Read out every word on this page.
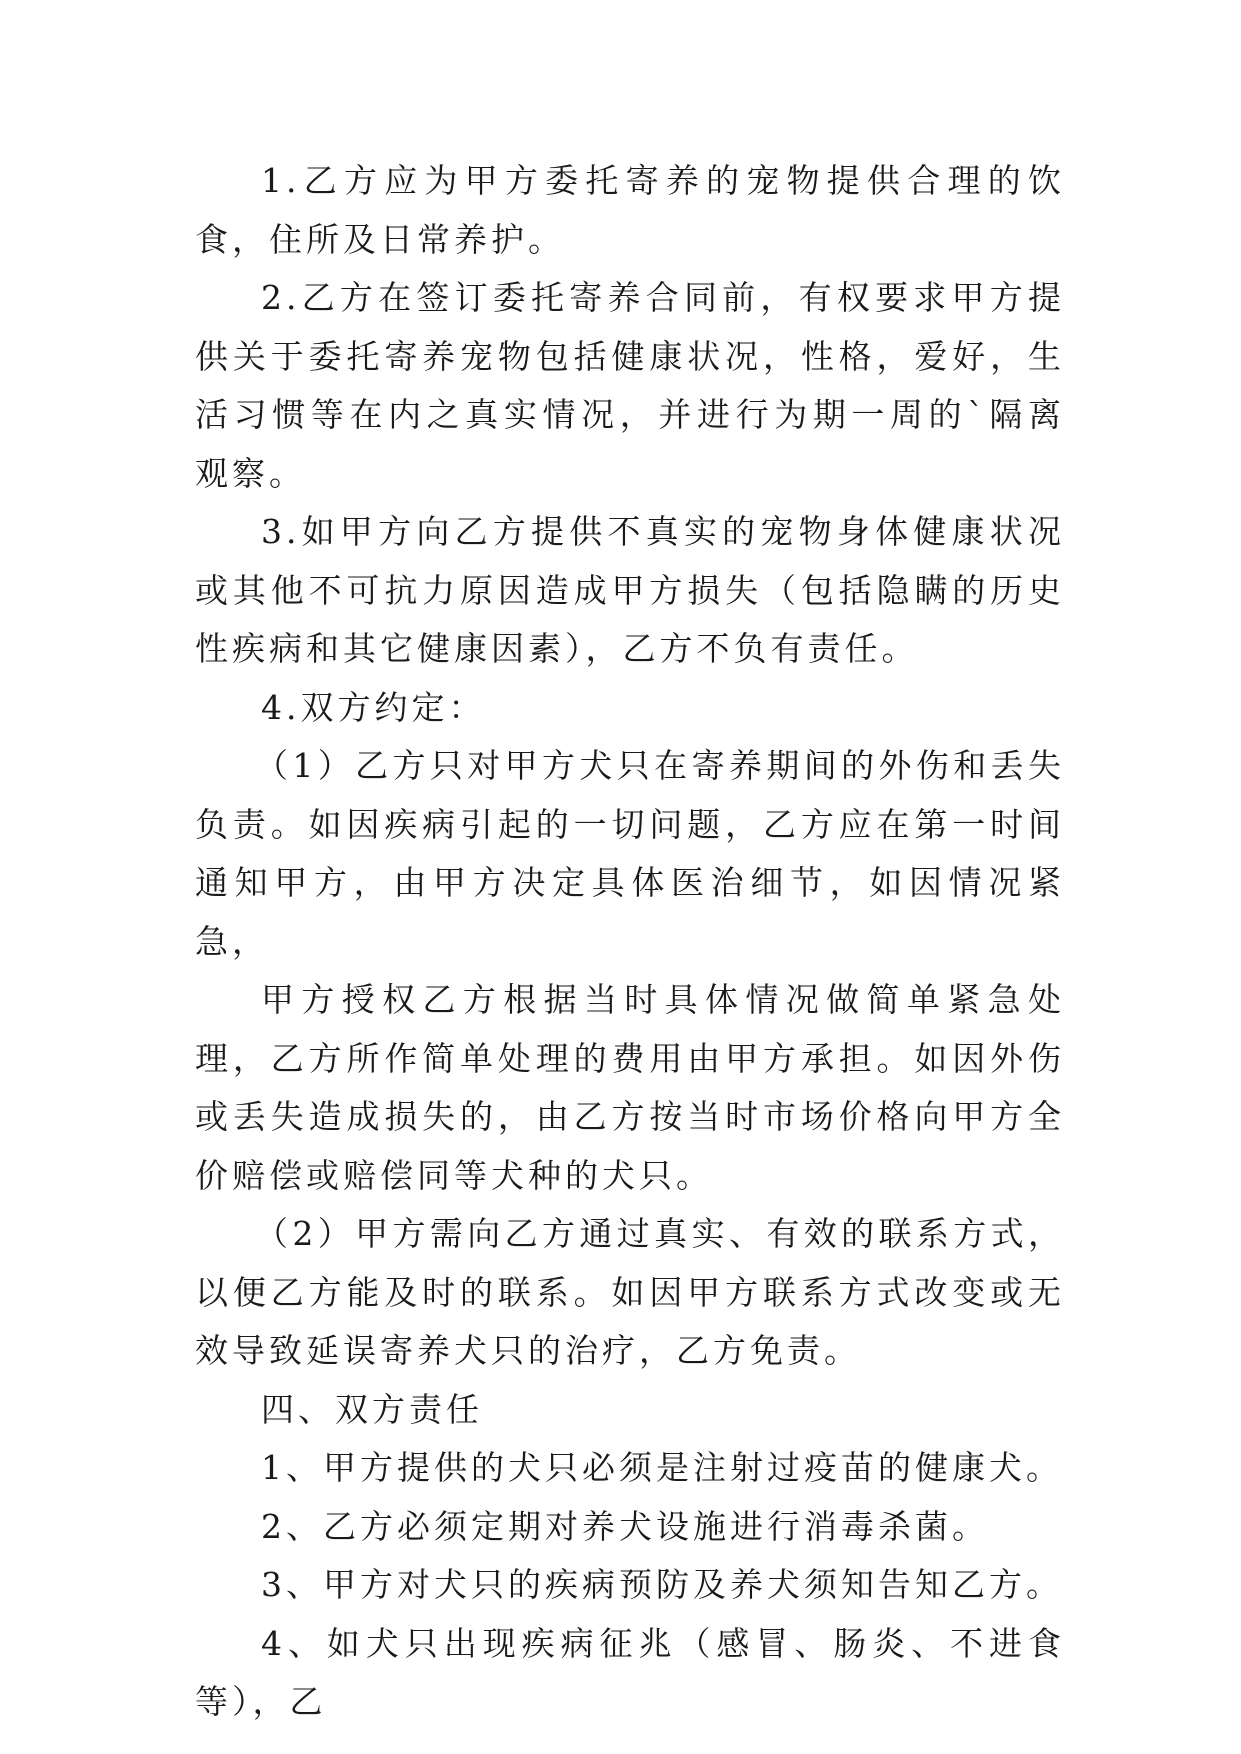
1.乙方应为甲方委托寄养的宠物提供合理的饮食，住所及日常养护。

2.乙方在签订委托寄养合同前，有权要求甲方提供关于委托寄养宠物包括健康状况，性格，爱好，生活习惯等在内之真实情况，并进行为期一周的`隔离观察。

3.如甲方向乙方提供不真实的宠物身体健康状况或其他不可抗力原因造成甲方损失（包括隐瞒的历史性疾病和其它健康因素），乙方不负有责任。

4.双方约定：

（1）乙方只对甲方犬只在寄养期间的外伤和丢失负责。如因疾病引起的一切问题，乙方应在第一时间通知甲方，由甲方决定具体医治细节，如因情况紧急，

甲方授权乙方根据当时具体情况做简单紧急处理，乙方所作简单处理的费用由甲方承担。如因外伤或丢失造成损失的，由乙方按当时市场价格向甲方全价赔偿或赔偿同等犬种的犬只。

（2）甲方需向乙方通过真实、有效的联系方式，以便乙方能及时的联系。如因甲方联系方式改变或无效导致延误寄养犬只的治疗，乙方免责。

四、双方责任

1、甲方提供的犬只必须是注射过疫苗的健康犬。

2、乙方必须定期对养犬设施进行消毒杀菌。

3、甲方对犬只的疾病预防及养犬须知告知乙方。

4、如犬只出现疾病征兆（感冒、肠炎、不进食等），乙
